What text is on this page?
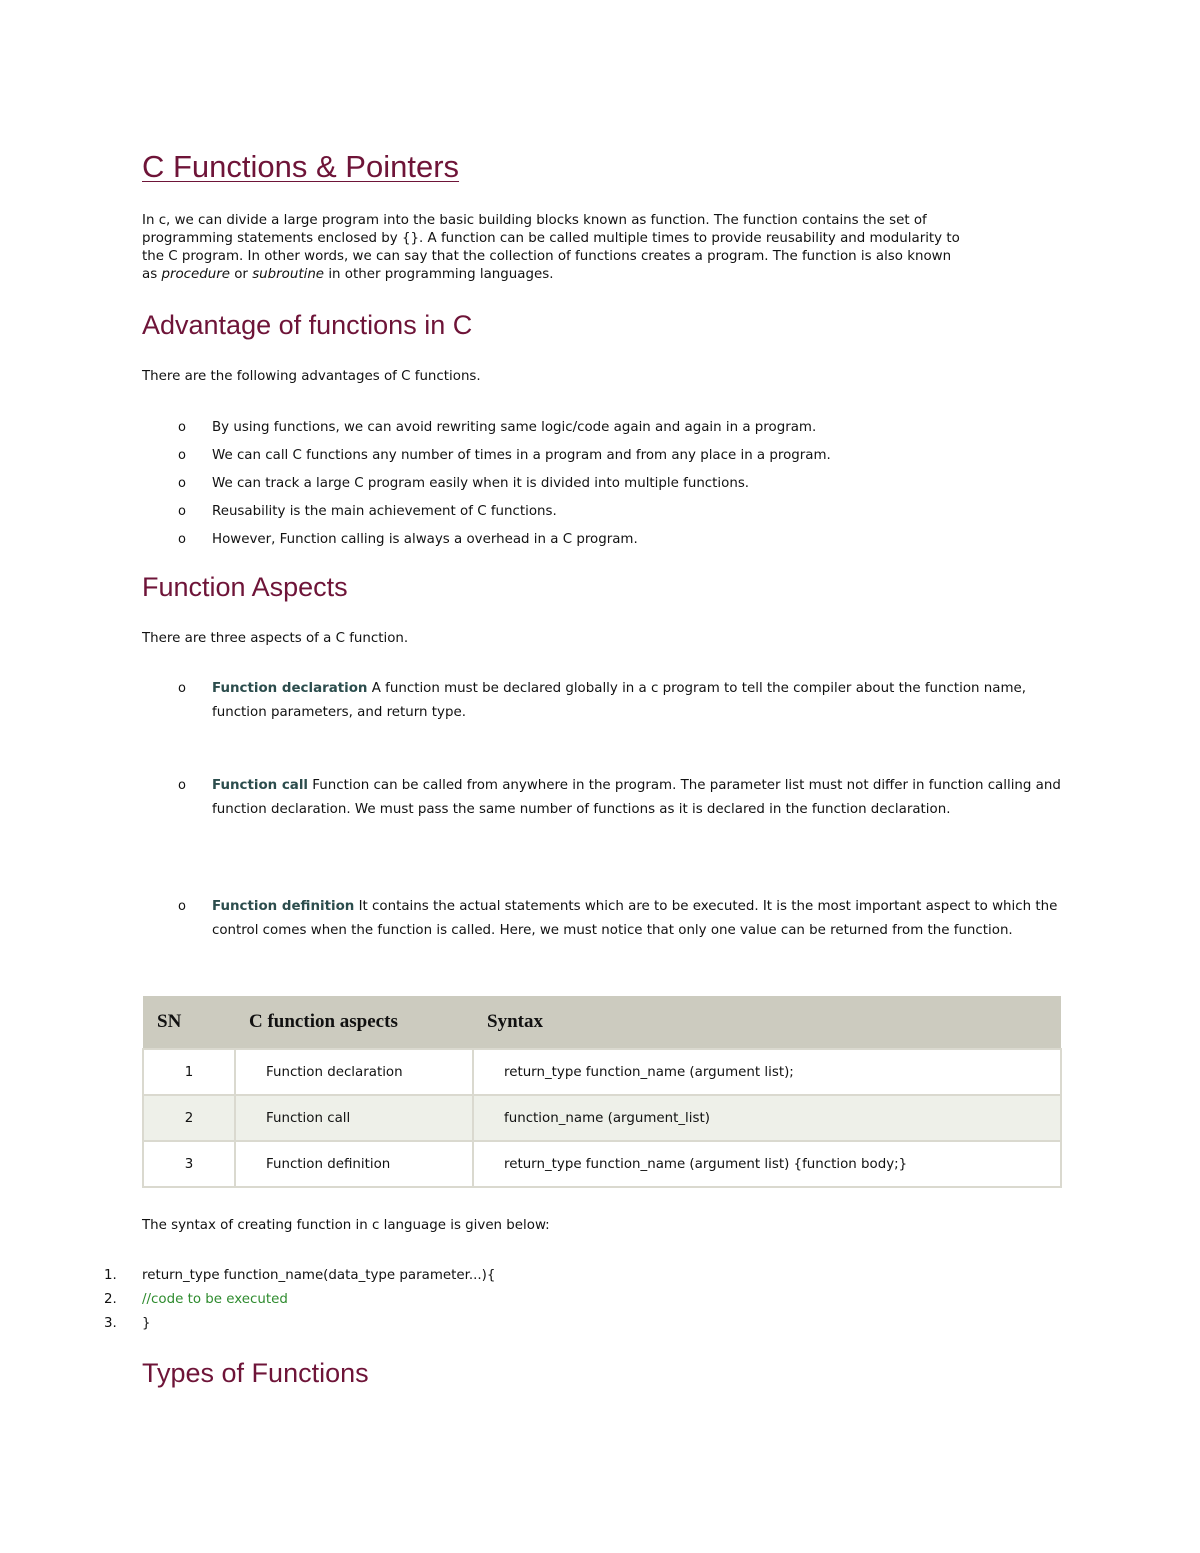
C Functions & Pointers

In c, we can divide a large program into the basic building blocks known as function. The function contains the set of
programming statements enclosed by {}. A function can be called multiple times to provide reusability and modularity to
the C program. In other words, we can say that the collection of functions creates a program. The function is also known
as procedure or subroutine in other programming languages.

Advantage of functions in C

There are the following advantages of C functions.

o By using functions, we can avoid rewriting same logic/code again and again in a program.
o We can call C functions any number of times in a program and from any place in a program.
o We can track a large C program easily when it is divided into multiple functions.
o Reusability is the main achievement of C functions.
o However, Function calling is always a overhead in a C program.
Function Aspects

There are three aspects of a C function.

o Function declaration A function must be declared globally in a c program to tell the compiler about the function name, function parameters, and return type.
o Function call Function can be called from anywhere in the program. The parameter list must not differ in function calling and function declaration. We must pass the same number of functions as it is declared in the function declaration.
o Function definition It contains the actual statements which are to be executed. It is the most important aspect to which the control comes when the function is called. Here, we must notice that only one value can be returned from the function.
SN	C function aspects	Syntax
1	Function declaration	return_type function_name (argument list);
2	Function call	function_name (argument_list)
3	Function definition	return_type function_name (argument list) {function body;}

The syntax of creating function in c language is given below:

1. return_type function_name(data_type parameter...){
2. //code to be executed
3. }
Types of Functions
